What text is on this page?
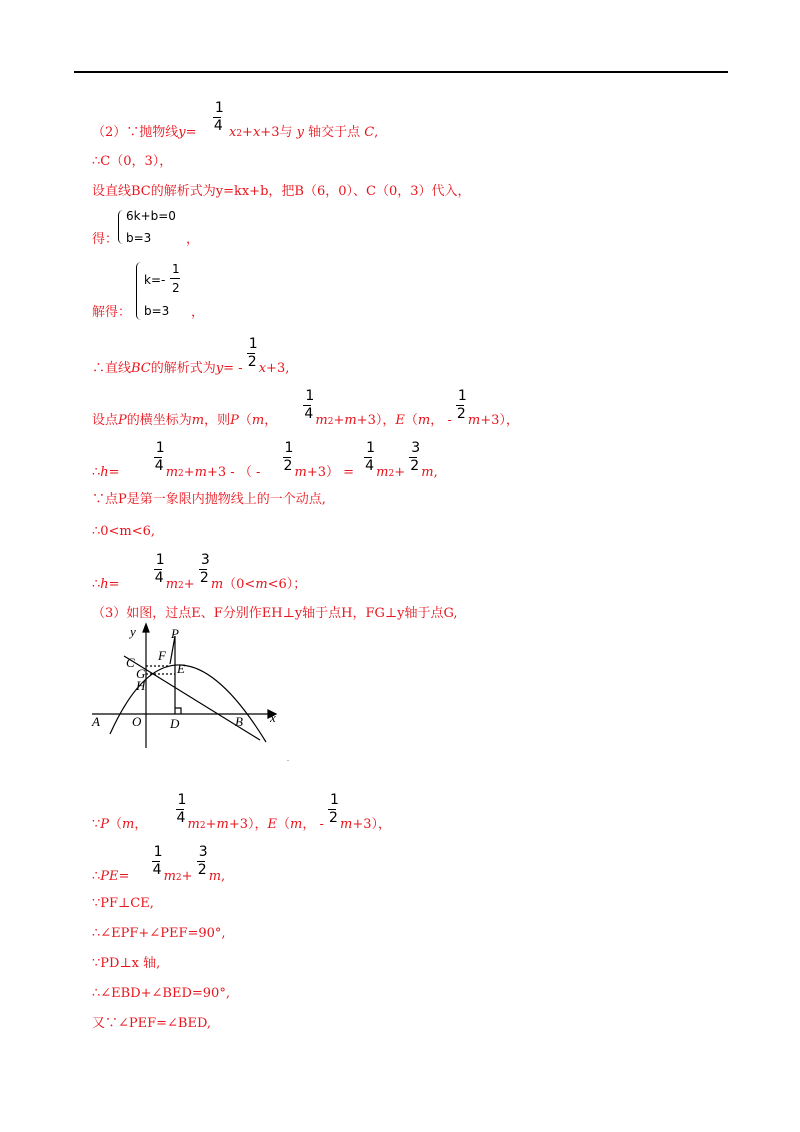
（2）∵抛物线$y= \frac{1}{4} x2+x+3$与 y 轴交于点 C,
∴C（0，3），
设直线BC的解析式为y=kx+b，把B（6，0）、C（0，3）代入，
得：	，
6k+b=0
b=3
解得：	，
k=-
1
2
b=3
∴直线BC的解析式为$y= - \frac{1}{2} x+3$,
设点P的横坐标为m，则P（m， $\frac{1}{4} m2+m+3$），E（m， - $\frac{1}{2} m+3$），
∴h= $\frac{1}{4} m2+m+3$ - （ - $\frac{1}{2} m+3) = \frac{1}{4} m2+ \frac{3}{2} m$,
∵点P是第一象限内抛物线上的一个动点,
∴0<m<6,
∴h= $\frac{1}{4} m2+ \frac{3}{2} m(0<m<6)$；
（3）如图，过点E、F分别作EH⊥y轴于点H，FG⊥y轴于点G,
y
x
P
F
C
G E
H
A O D	B
∵P（m， $\frac{1}{4} m2+m+3$），E（m， - $\frac{1}{2} m+3$），
∴PE= $\frac{1}{4} m2+ \frac{3}{2} m$,
∵PF⊥CE,
∴∠EPF+∠PEF=90°,
∵PD⊥x 轴,
∴∠EBD+∠BED=90°,
又∵∠PEF=∠BED,
